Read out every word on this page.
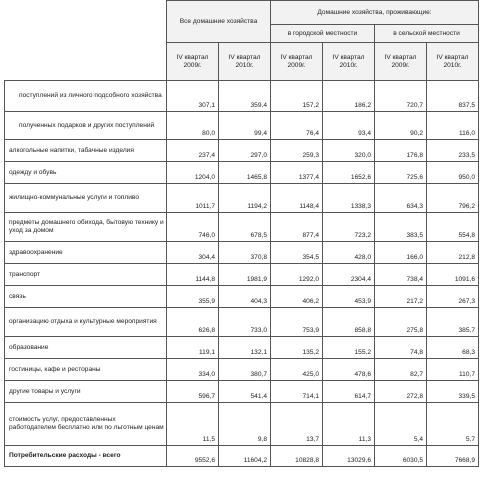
	Все домашние хозяйства		Домашние хозяйства, проживающие:			
			в городской местности		в сельской местности	
	IV квартал 2009г.	IV квартал 2010г.	IV квартал 2009г.	IV квартал 2010г.	IV квартал 2009г.	IV квартал 2010г.
поступлений из личного подсобного хозяйства	307,1	359,4	157,2	186,2	720,7	837,5
полученных подарков и других поступлений	80,0	99,4	76,4	93,4	90,2	116,0
алкогольные напитки, табачные изделия	237,4	297,0	259,3	320,0	176,8	233,5
одежду и обувь	1204,0	1465,8	1377,4	1652,6	725,6	950,0
жилищно-коммунальные услуги и топливо	1011,7	1194,2	1148,4	1338,3	634,3	796,2
предметы домашнего обихода, бытовую технику и уход за домом	746,0	678,5	877,4	723,2	383,5	554,8
здравоохранение	304,4	370,8	354,5	428,0	166,0	212,8
транспорт	1144,8	1981,9	1292,0	2304,4	738,4	1091,6
связь	355,9	404,3	406,2	453,9	217,2	267,3
организацию отдыха и культурные мероприятия	626,8	733,0	753,9	858,8	275,8	385,7
образование	119,1	132,1	135,2	155,2	74,8	68,3
гостиницы, кафе и рестораны	334,0	380,7	425,0	478,6	82,7	110,7
другие товары и услуги	596,7	541,4	714,1	614,7	272,8	339,5
стоимость услуг, предоставленных работодателем бесплатно или по льготным ценам	11,5	9,8	13,7	11,3	5,4	5,7
Потребительские расходы - всего	9552,6	11604,2	10828,8	13029,6	6030,5	7668,9
